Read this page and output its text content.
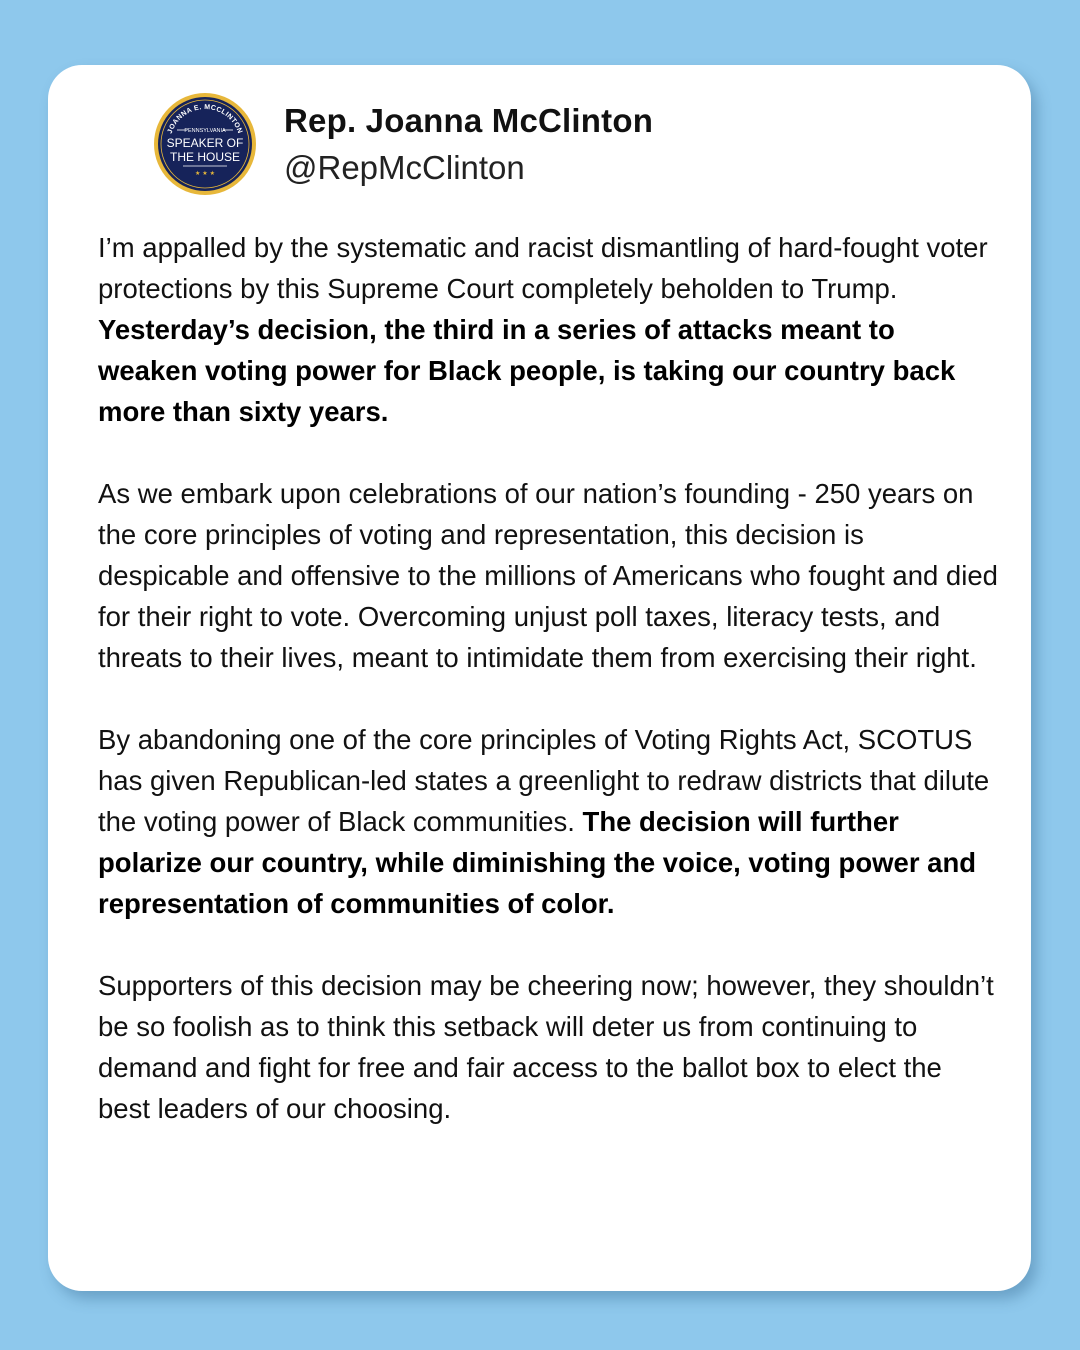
JOANNA E. MCCLINTON
PENNSYLVANIA
SPEAKER OF
THE HOUSE
★ ★ ★
Rep. Joanna McClinton
@RepMcClinton

I’m appalled by the systematic and racist dismantling of hard-fought voter protections by this Supreme Court completely beholden to Trump. Yesterday’s decision, the third in a series of attacks meant to weaken voting power for Black people, is taking our country back more than sixty years.

As we embark upon celebrations of our nation’s founding - 250 years on the core principles of voting and representation, this decision is despicable and offensive to the millions of Americans who fought and died for their right to vote. Overcoming unjust poll taxes, literacy tests, and threats to their lives, meant to intimidate them from exercising their right.

By abandoning one of the core principles of Voting Rights Act, SCOTUS has given Republican-led states a greenlight to redraw districts that dilute the voting power of Black communities. The decision will further polarize our country, while diminishing the voice, voting power and representation of communities of color.

Supporters of this decision may be cheering now; however, they shouldn’t be so foolish as to think this setback will deter us from continuing to demand and fight for free and fair access to the ballot box to elect the best leaders of our choosing.
